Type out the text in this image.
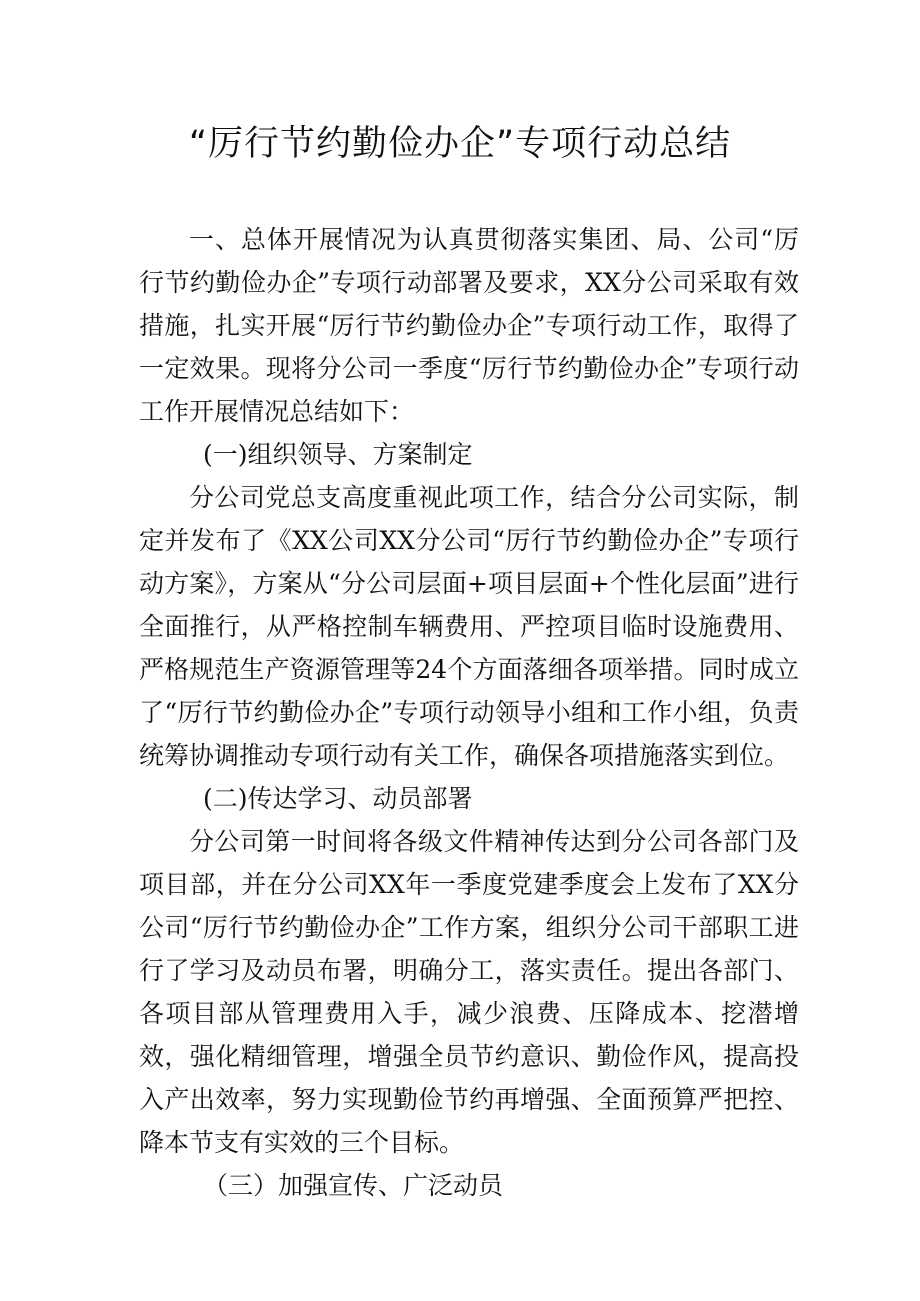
“厉行节约勤俭办企”专项行动总结

一、总体开展情况为认真贯彻落实集团、局、公司“厉行节约勤俭办企”专项行动部署及要求，XX分公司采取有效措施，扎实开展“厉行节约勤俭办企”专项行动工作，取得了一定效果。现将分公司一季度“厉行节约勤俭办企”专项行动工作开展情况总结如下：

(一)组织领导、方案制定

分公司党总支高度重视此项工作，结合分公司实际，制定并发布了《XX公司XX分公司“厉行节约勤俭办企”专项行动方案》，方案从“分公司层面+项目层面+个性化层面”进行全面推行，从严格控制车辆费用、严控项目临时设施费用、严格规范生产资源管理等24个方面落细各项举措。同时成立了“厉行节约勤俭办企”专项行动领导小组和工作小组，负责统筹协调推动专项行动有关工作，确保各项措施落实到位。

(二)传达学习、动员部署

分公司第一时间将各级文件精神传达到分公司各部门及项目部，并在分公司XX年一季度党建季度会上发布了XX分公司“厉行节约勤俭办企”工作方案，组织分公司干部职工进行了学习及动员布署，明确分工，落实责任。提出各部门、各项目部从管理费用入手，减少浪费、压降成本、挖潜增效，强化精细管理，增强全员节约意识、勤俭作风，提高投入产出效率，努力实现勤俭节约再增强、全面预算严把控、降本节支有实效的三个目标。

（三）加强宣传、广泛动员
